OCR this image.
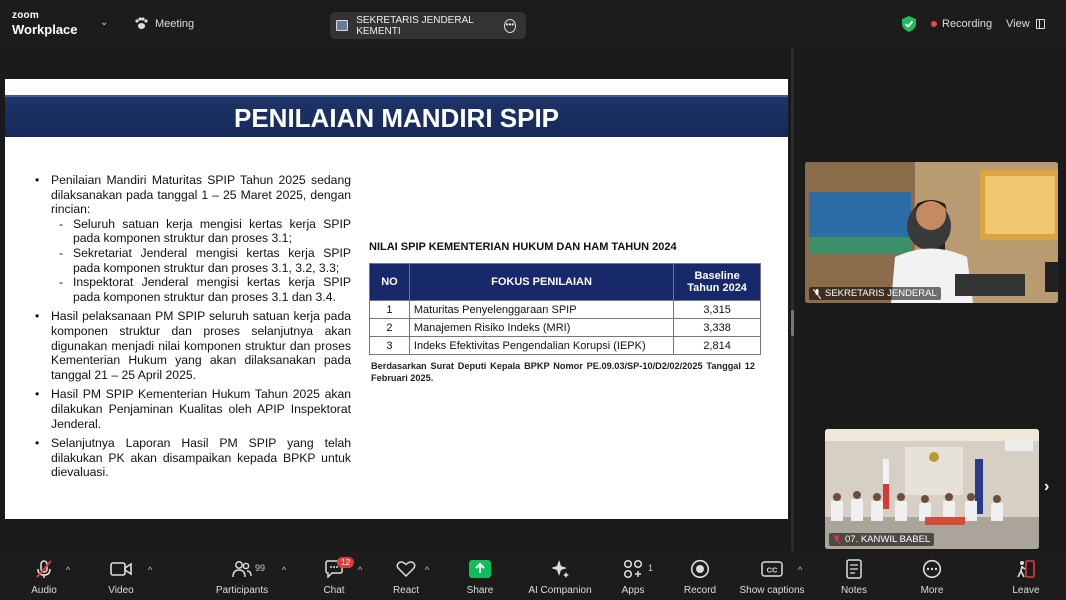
zoom
Workplace ⌄	Meeting	SEKRETARIS JENDERAL KEMENTI
•••	Recording View
PENILAIAN MANDIRI SPIP
• Penilaian Mandiri Maturitas SPIP Tahun 2025 sedang dilaksanakan pada tanggal 1 – 25 Maret 2025, dengan rincian:
- Seluruh satuan kerja mengisi kertas kerja SPIP pada komponen struktur dan proses 3.1;
- Sekretariat Jenderal mengisi kertas kerja SPIP pada komponen struktur dan proses 3.1, 3.2, 3.3;
- Inspektorat Jenderal mengisi kertas kerja SPIP pada komponen struktur dan proses 3.1 dan 3.4.
• Hasil pelaksanaan PM SPIP seluruh satuan kerja pada komponen struktur dan proses selanjutnya akan digunakan menjadi nilai komponen struktur dan proses Kementerian Hukum yang akan dilaksanakan pada tanggal 21 – 25 April 2025.
• Hasil PM SPIP Kementerian Hukum Tahun 2025 akan dilakukan Penjaminan Kualitas oleh APIP Inspektorat Jenderal.
• Selanjutnya Laporan Hasil PM SPIP yang telah dilakukan PK akan disampaikan kepada BPKP untuk dievaluasi.
NILAI SPIP KEMENTERIAN HUKUM DAN HAM TAHUN 2024
NO	FOKUS PENILAIAN	Baseline
Tahun 2024

1	Maturitas Penyelenggaraan SPIP	3,315
2	Manajemen Risiko Indeks (MRI)	3,338
3	Indeks Efektivitas Pengendalian Korupsi (IEPK)	2,814
Berdasarkan Surat Deputi Kepala BPKP Nomor PE.09.03/SP-10/D2/02/2025 Tanggal 12 Februari 2025.
SEKRETARIS JENDERAL
07. KANWIL BABEL
›
Audio
^
Video
^
Participants
99 ^
Chat
12
^
React
^
Share	AI Companion	Apps
1
Record
CC
Show captions
^
Notes	More	Leave
